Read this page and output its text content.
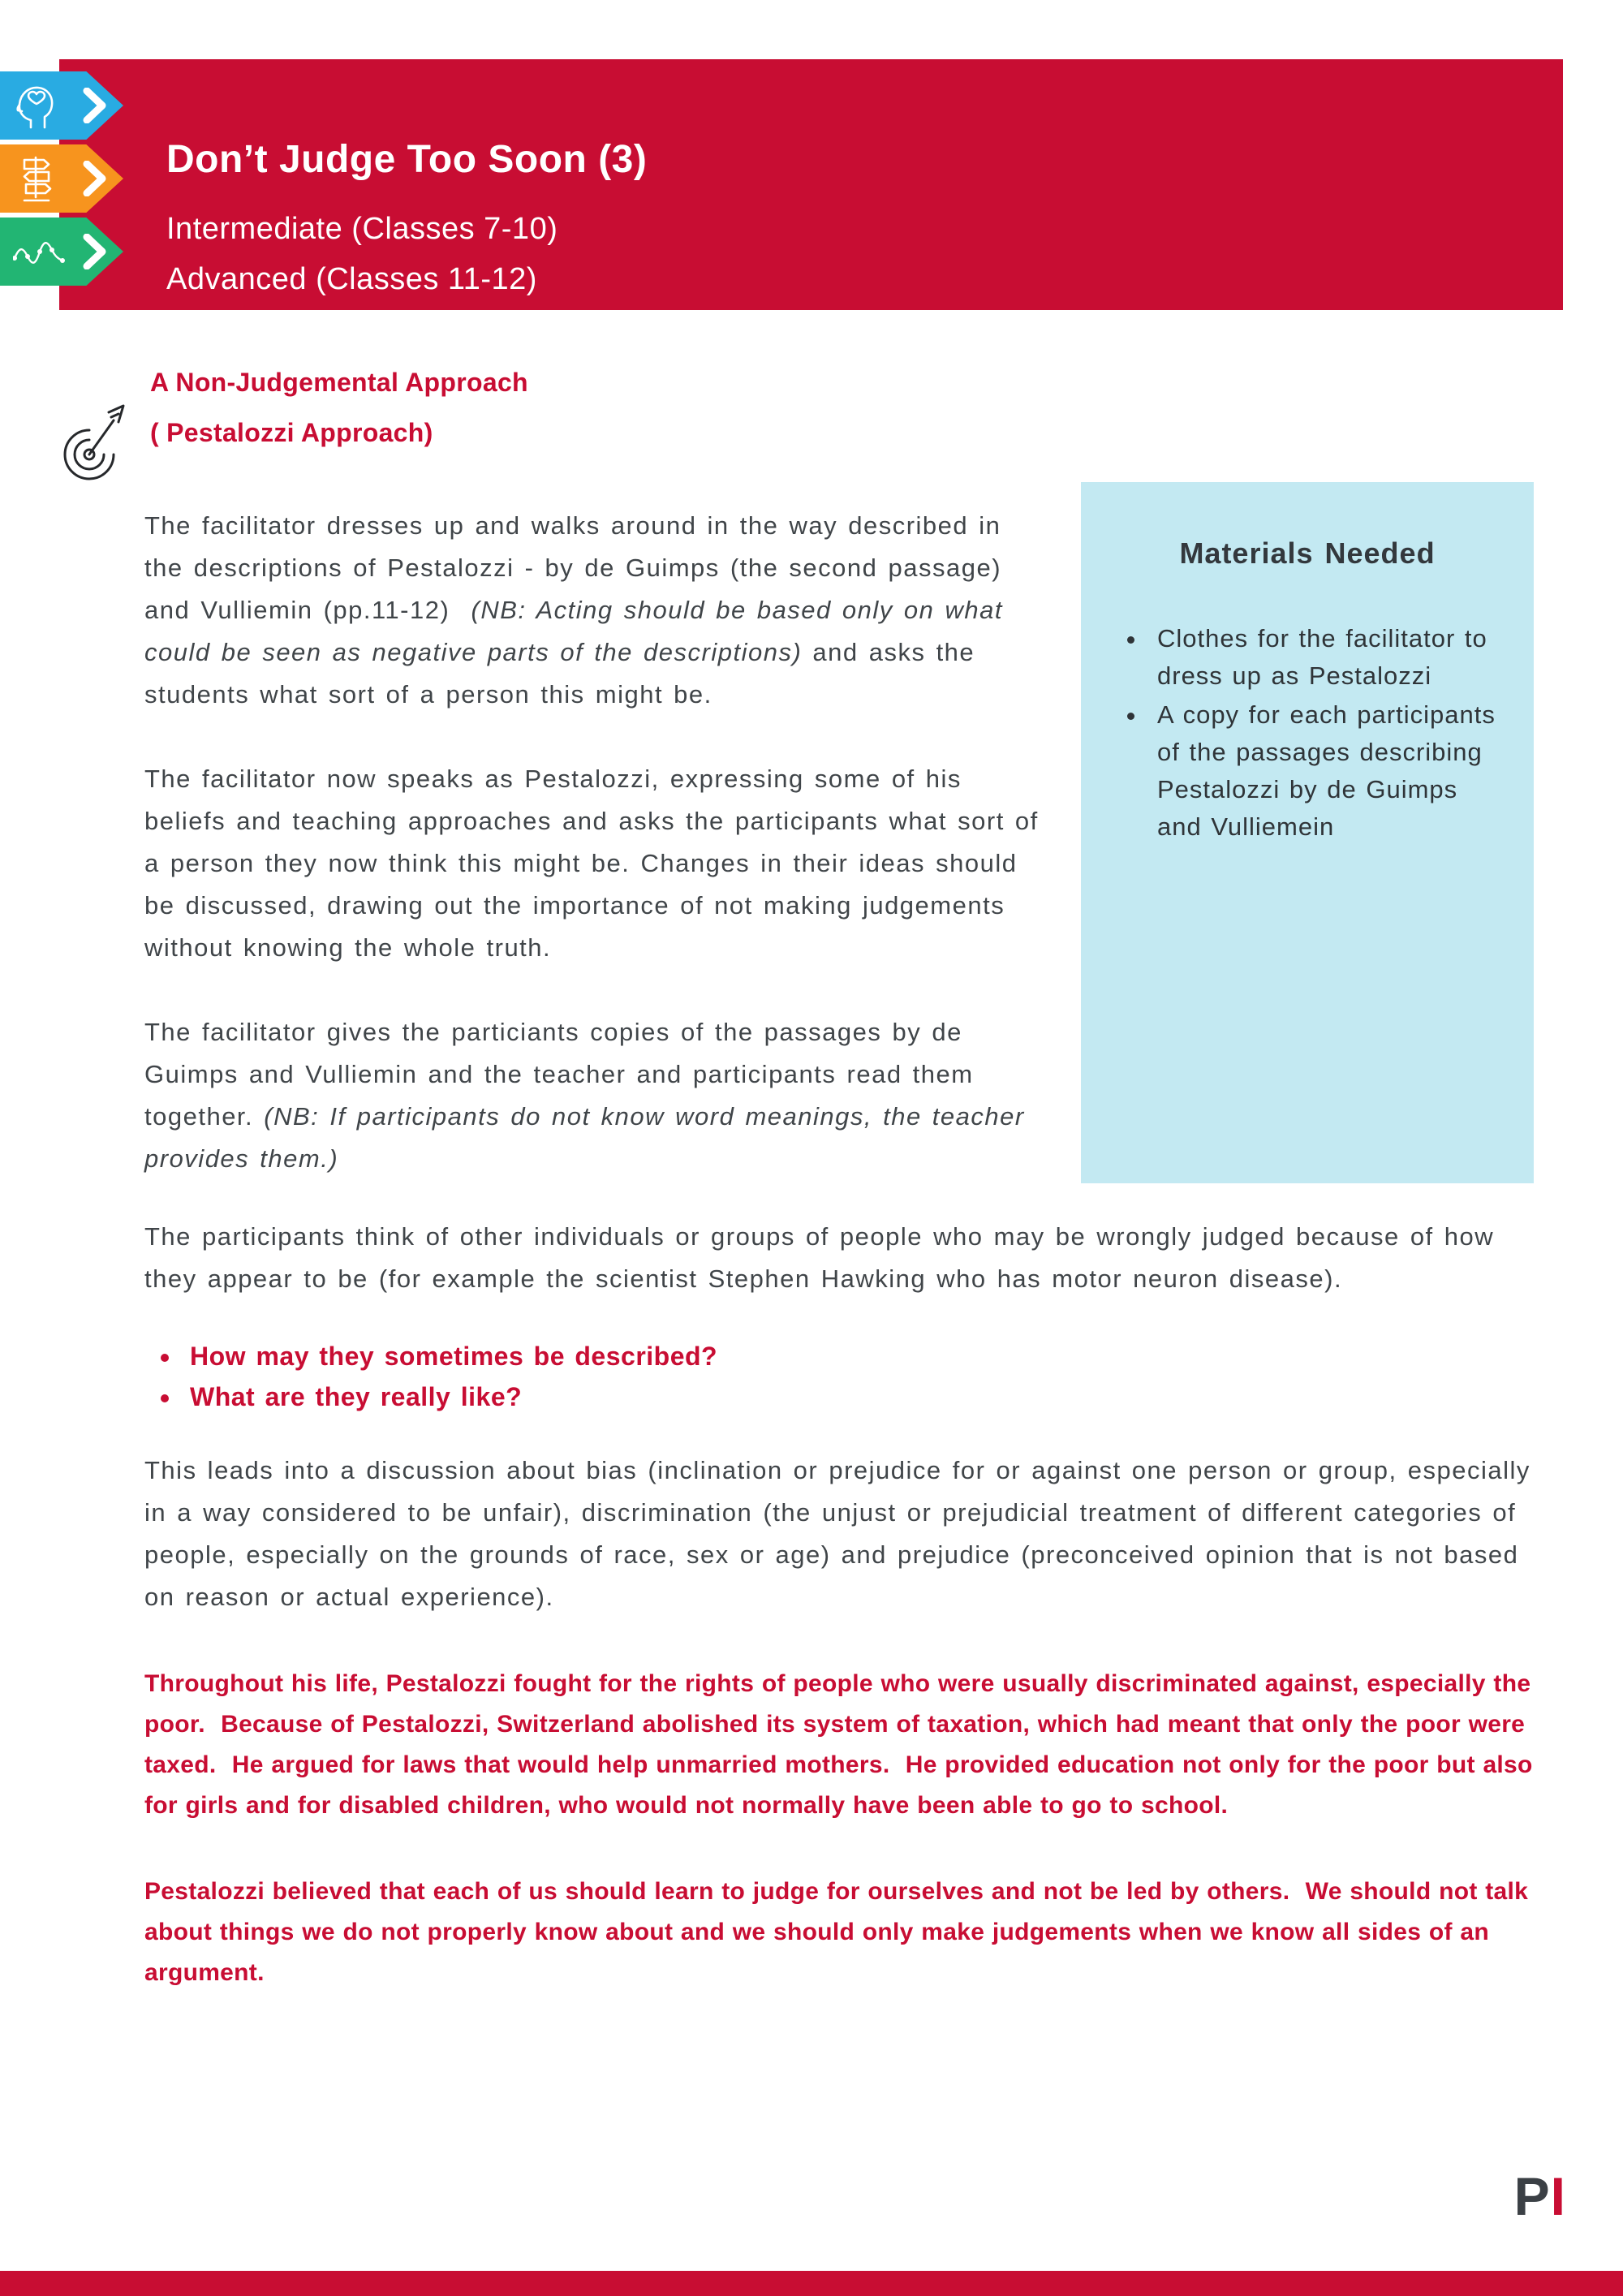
Don’t Judge Too Soon (3)
Intermediate (Classes 7-10)
Advanced (Classes 11-12)
A Non-Judgemental Approach
( Pestalozzi Approach)

The facilitator dresses up and walks around in the way described in the descriptions of Pestalozzi - by de Guimps (the second passage) and Vulliemin (pp.11-12)  (NB: Acting should be based only on what could be seen as negative parts of the descriptions) and asks the students what sort of a person this might be.

The facilitator now speaks as Pestalozzi, expressing some of his beliefs and teaching approaches and asks the participants what sort of a person they now think this might be. Changes in their ideas should be discussed, drawing out the importance of not making judgements without knowing the whole truth.

The facilitator gives the particiants copies of the passages by de Guimps and Vulliemin and the teacher and participants read them together. (NB: If participants do not know word meanings, the teacher provides them.)

Materials Needed
• Clothes for the facilitator to dress up as Pestalozzi
• A copy for each participants of the passages describing Pestalozzi by de Guimps  and Vulliemein

The participants think of other individuals or groups of people who may be wrongly judged because of how they appear to be (for example the scientist Stephen Hawking who has motor neuron disease).

• How may they sometimes be described?
• What are they really like?

This leads into a discussion about bias (inclination or prejudice for or against one person or group, especially in a way considered to be unfair), discrimination (the unjust or prejudicial treatment of different categories of people, especially on the grounds of race, sex or age) and prejudice (preconceived opinion that is not based on reason or actual experience).

Throughout his life, Pestalozzi fought for the rights of people who were usually discriminated against, especially the poor.  Because of Pestalozzi, Switzerland abolished its system of taxation, which had meant that only the poor were taxed.  He argued for laws that would help unmarried mothers.  He provided education not only for the poor but also for girls and for disabled children, who would not normally have been able to go to school.

Pestalozzi believed that each of us should learn to judge for ourselves and not be led by others.  We should not talk about things we do not properly know about and we should only make judgements when we know all sides of an argument.

PI
